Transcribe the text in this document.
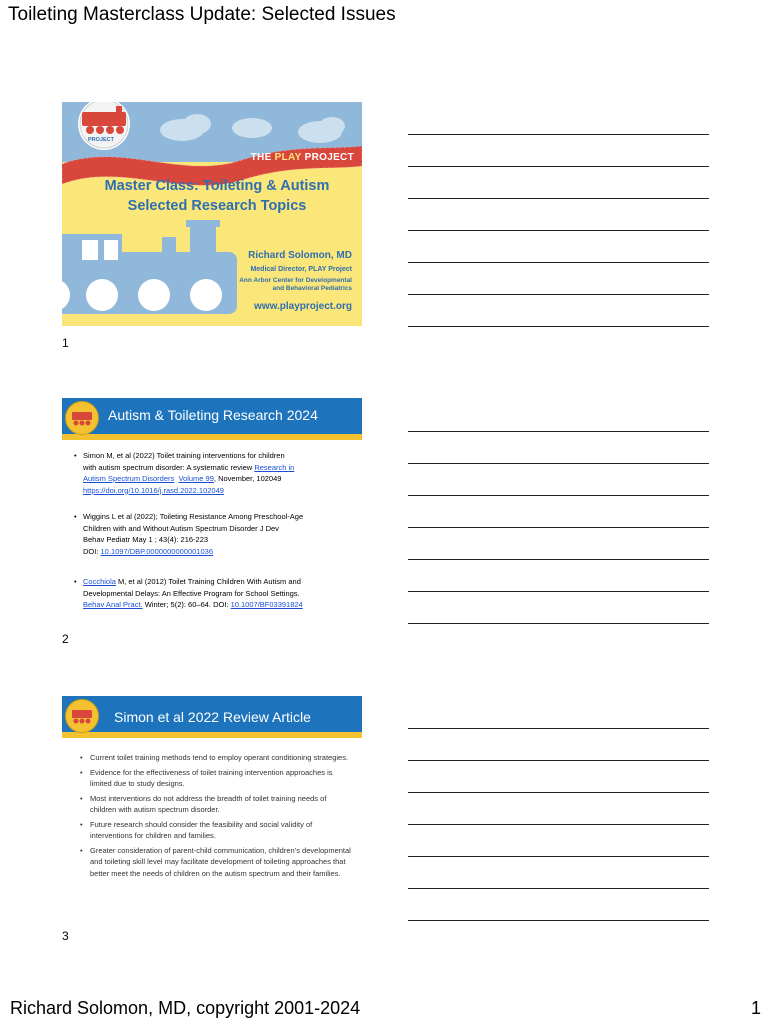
Toileting Masterclass Update: Selected Issues
PROJECT
THE PLAY PROJECT
Master Class: Toileting & Autism
Selected Research Topics
Richard Solomon, MD
Medical Director, PLAY Project
Ann Arbor Center for Developmental
and Behavioral Pediatrics
www.playproject.org
1
Autism & Toileting Research 2024
• Simon M, et al (2022) Toilet training interventions for children
with autism spectrum disorder: A systematic review Research in
Autism Spectrum Disorders Volume 99, November, 102049
https://doi.org/10.1016/j.rasd.2022.102049
• Wiggins L et al (2022); Toileting Resistance Among Preschool-Age
Children with and Without Autism Spectrum Disorder J Dev
Behav Pediatr May 1 ; 43(4): 216-223
DOI: 10.1097/DBP.0000000000001036
• Cocchiola M, et al (2012) Toilet Training Children With Autism and
Developmental Delays: An Effective Program for School Settings.
Behav Anal Pract. Winter; 5(2): 60–64. DOI: 10.1007/BF03391824
2
Simon et al 2022 Review Article
• Current toilet training methods tend to employ operant conditioning strategies.
• Evidence for the effectiveness of toilet training intervention approaches is limited due to study designs.
• Most interventions do not address the breadth of toilet training needs of children with autism spectrum disorder.
• Future research should consider the feasibility and social validity of interventions for children and families.
• Greater consideration of parent-child communication, children’s developmental and toileting skill level may facilitate development of toileting approaches that better meet the needs of children on the autism spectrum and their families.
3
Richard Solomon, MD, copyright 2001-2024	1
